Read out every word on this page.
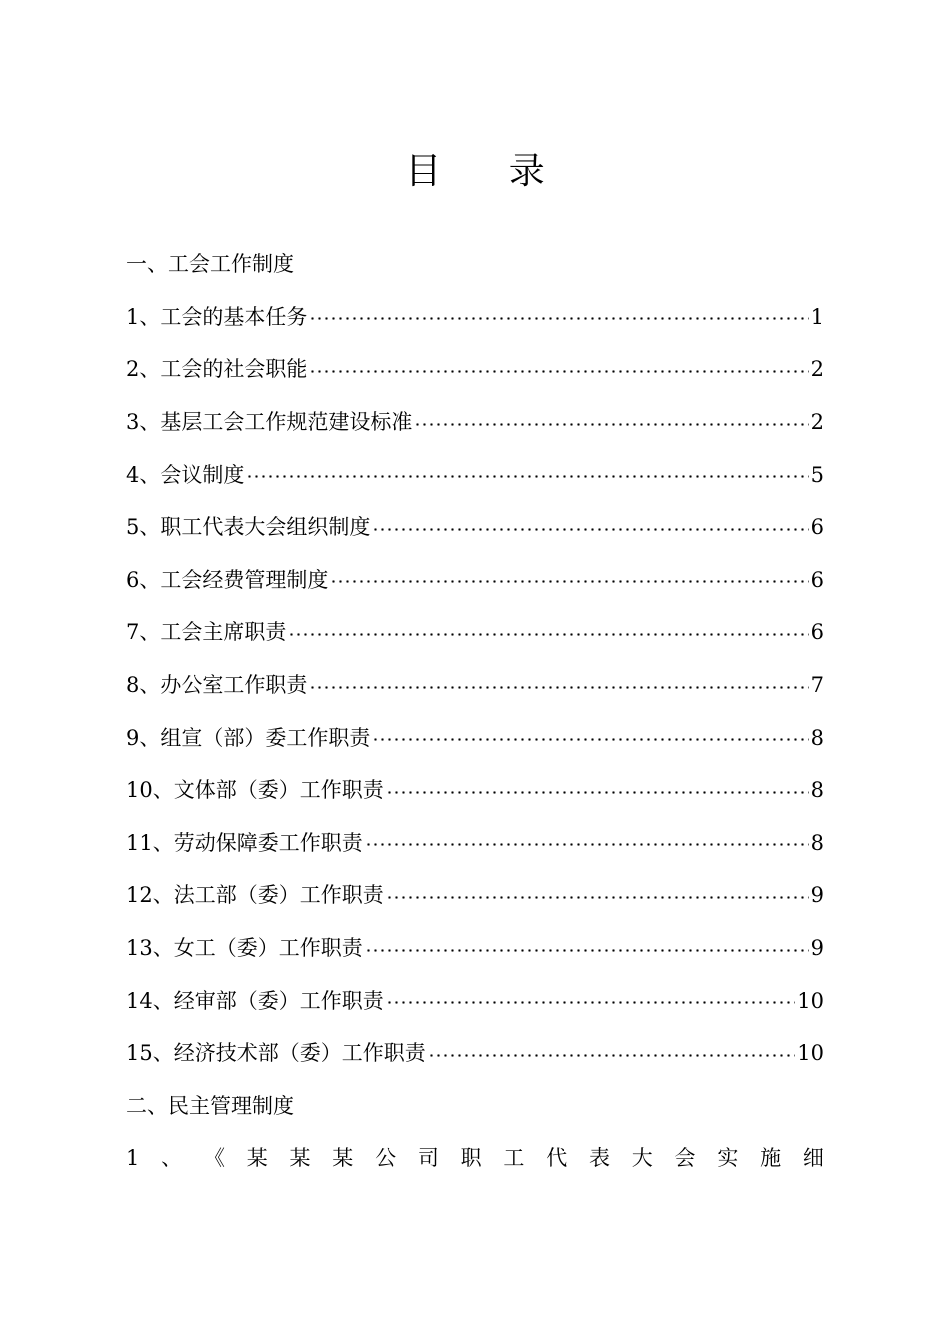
目 录
一、工会工作制度
1、工会的基本任务	1
2、工会的社会职能	2
3、基层工会工作规范建设标准	2
4、会议制度	5
5、职工代表大会组织制度	6
6、工会经费管理制度	6
7、工会主席职责	6
8、办公室工作职责	7
9、组宣（部）委工作职责	8
10、文体部（委）工作职责	8
11、劳动保障委工作职责	8
12、法工部（委）工作职责	9
13、女工（委）工作职责	9
14、经审部（委）工作职责	10
15、经济技术部（委）工作职责	10
二、民主管理制度
1 、 《 某 某 某 公 司 职 工 代 表 大 会 实 施 细
